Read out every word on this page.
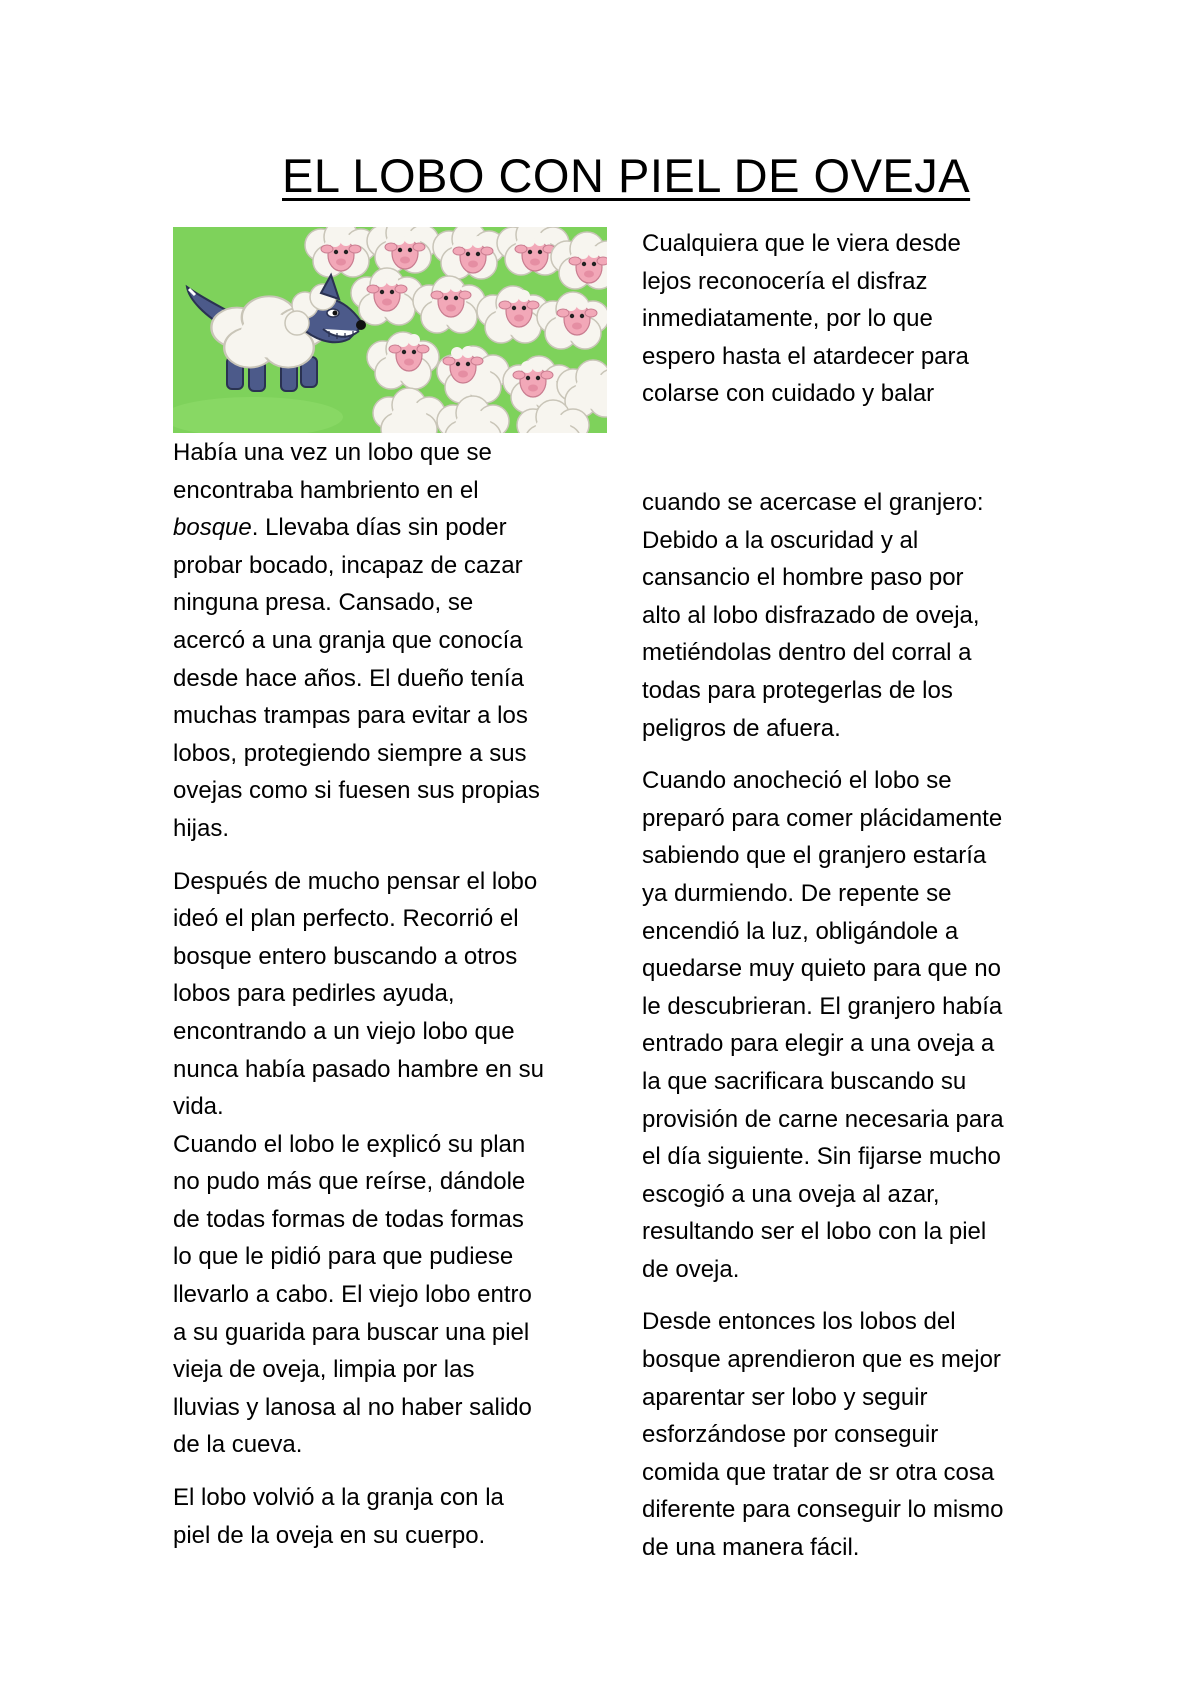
EL LOBO CON PIEL DE OVEJA

Había una vez un lobo que se
encontraba hambriento en el
bosque. Llevaba días sin poder
probar bocado, incapaz de cazar
ninguna presa. Cansado, se
acercó a una granja que conocía
desde hace años. El dueño tenía
muchas trampas para evitar a los
lobos, protegiendo siempre a sus
ovejas como si fuesen sus propias
hijas.

Después de mucho pensar el lobo
ideó el plan perfecto. Recorrió el
bosque entero buscando a otros
lobos para pedirles ayuda,
encontrando a un viejo lobo que
nunca había pasado hambre en su
vida.

Cuando el lobo le explicó su plan
no pudo más que reírse, dándole
de todas formas de todas formas
lo que le pidió para que pudiese
llevarlo a cabo. El viejo lobo entro
a su guarida para buscar una piel
vieja de oveja, limpia por las
lluvias y lanosa al no haber salido
de la cueva.

El lobo volvió a la granja con la
piel de la oveja en su cuerpo.

Cualquiera que le viera desde
lejos reconocería el disfraz
inmediatamente, por lo que
espero hasta el atardecer para
colarse con cuidado y balar

cuando se acercase el granjero:
Debido a la oscuridad y al
cansancio el hombre paso por
alto al lobo disfrazado de oveja,
metiéndolas dentro del corral a
todas para protegerlas de los
peligros de afuera.

Cuando anocheció el lobo se
preparó para comer plácidamente
sabiendo que el granjero estaría
ya durmiendo. De repente se
encendió la luz, obligándole a
quedarse muy quieto para que no
le descubrieran. El granjero había
entrado para elegir a una oveja a
la que sacrificara buscando su
provisión de carne necesaria para
el día siguiente. Sin fijarse mucho
escogió a una oveja al azar,
resultando ser el lobo con la piel
de oveja.

Desde entonces los lobos del
bosque aprendieron que es mejor
aparentar ser lobo y seguir
esforzándose por conseguir
comida que tratar de sr otra cosa
diferente para conseguir lo mismo
de una manera fácil.
